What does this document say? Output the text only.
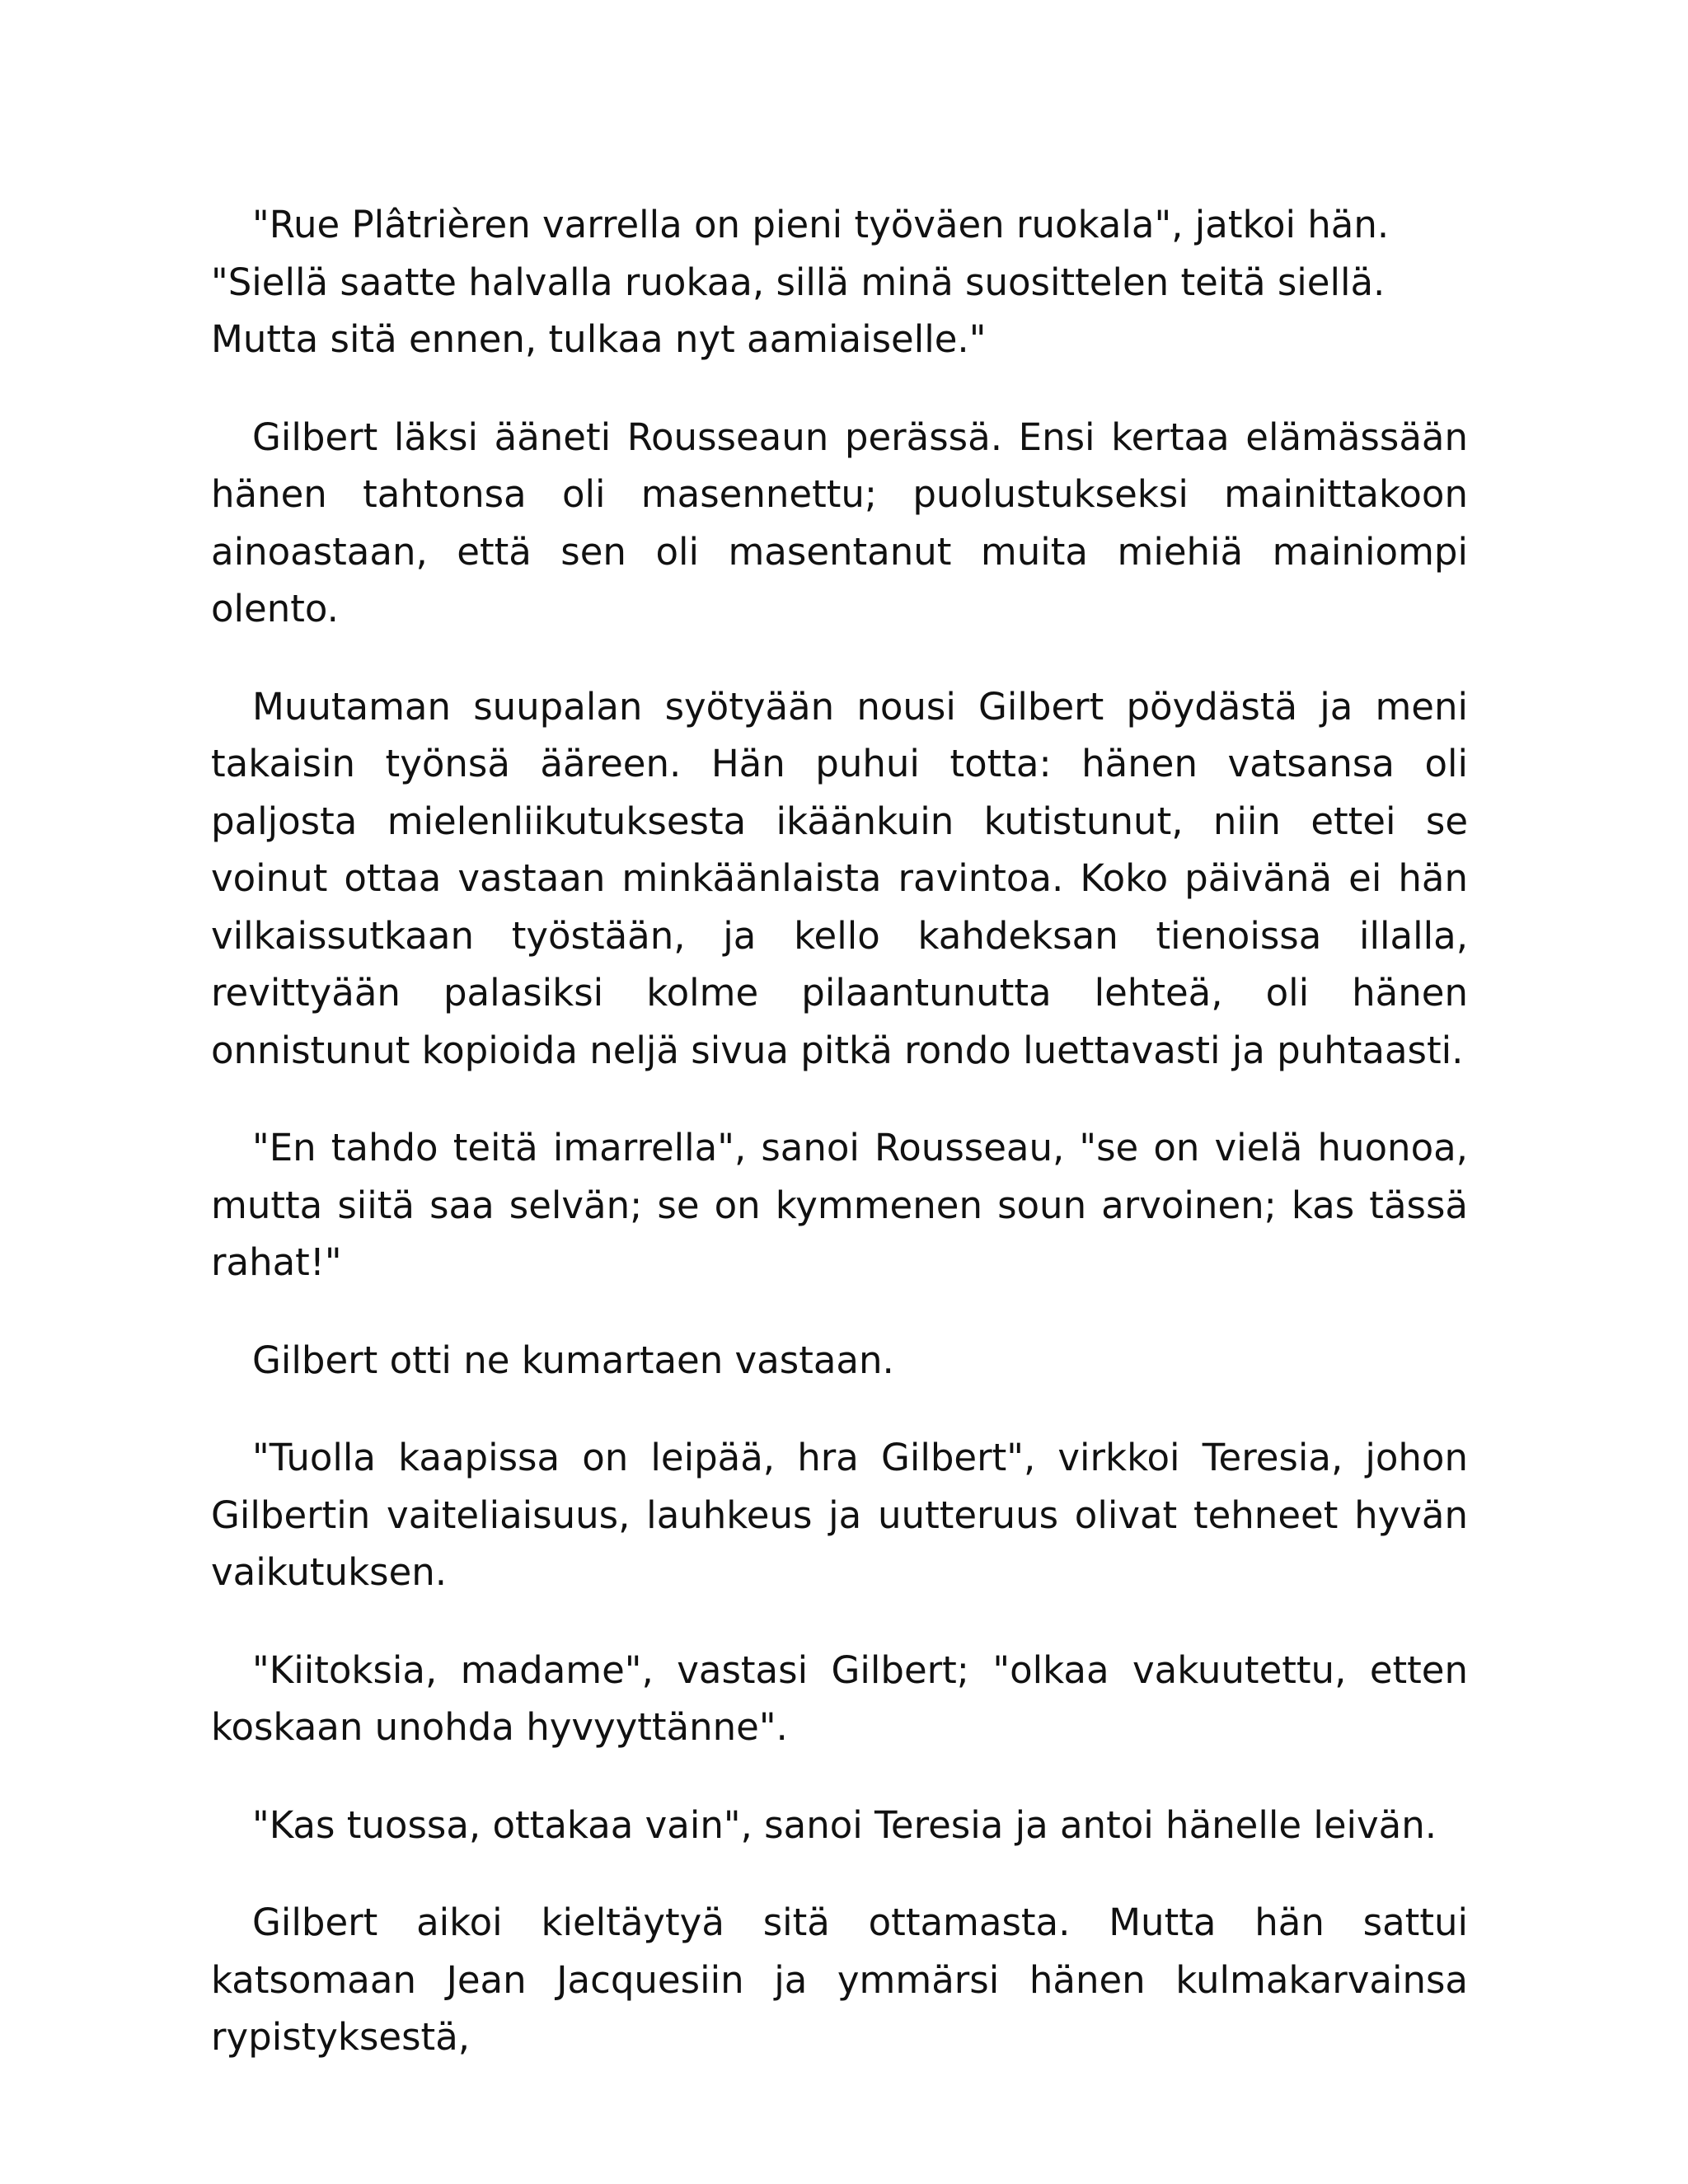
"Rue Plâtrièren varrella on pieni työväen ruokala", jatkoi hän. "Siellä saatte halvalla ruokaa, sillä minä suosittelen teitä siellä. Mutta sitä ennen, tulkaa nyt aamiaiselle."

Gilbert läksi ääneti Rousseaun perässä. Ensi kertaa elämässään hänen tahtonsa oli masennettu; puolustukseksi mainittakoon ainoastaan, että sen oli masentanut muita miehiä mainiompi olento.

Muutaman suupalan syötyään nousi Gilbert pöydästä ja meni takaisin työnsä ääreen. Hän puhui totta: hänen vatsansa oli paljosta mielenliikutuksesta ikäänkuin kutistunut, niin ettei se voinut ottaa vastaan minkäänlaista ravintoa. Koko päivänä ei hän vilkaissutkaan työstään, ja kello kahdeksan tienoissa illalla, revittyään palasiksi kolme pilaantunutta lehteä, oli hänen onnistunut kopioida neljä sivua pitkä rondo luettavasti ja puhtaasti.

"En tahdo teitä imarrella", sanoi Rousseau, "se on vielä huonoa, mutta siitä saa selvän; se on kymmenen soun arvoinen; kas tässä rahat!"

Gilbert otti ne kumartaen vastaan.

"Tuolla kaapissa on leipää, hra Gilbert", virkkoi Teresia, johon Gilbertin vaiteliaisuus, lauhkeus ja uutteruus olivat tehneet hyvän vaikutuksen.

"Kiitoksia, madame", vastasi Gilbert; "olkaa vakuutettu, etten koskaan unohda hyvyyttänne".

"Kas tuossa, ottakaa vain", sanoi Teresia ja antoi hänelle leivän.

Gilbert aikoi kieltäytyä sitä ottamasta. Mutta hän sattui katsomaan Jean Jacquesiin ja ymmärsi hänen kulmakarvainsa rypistyksestä,
